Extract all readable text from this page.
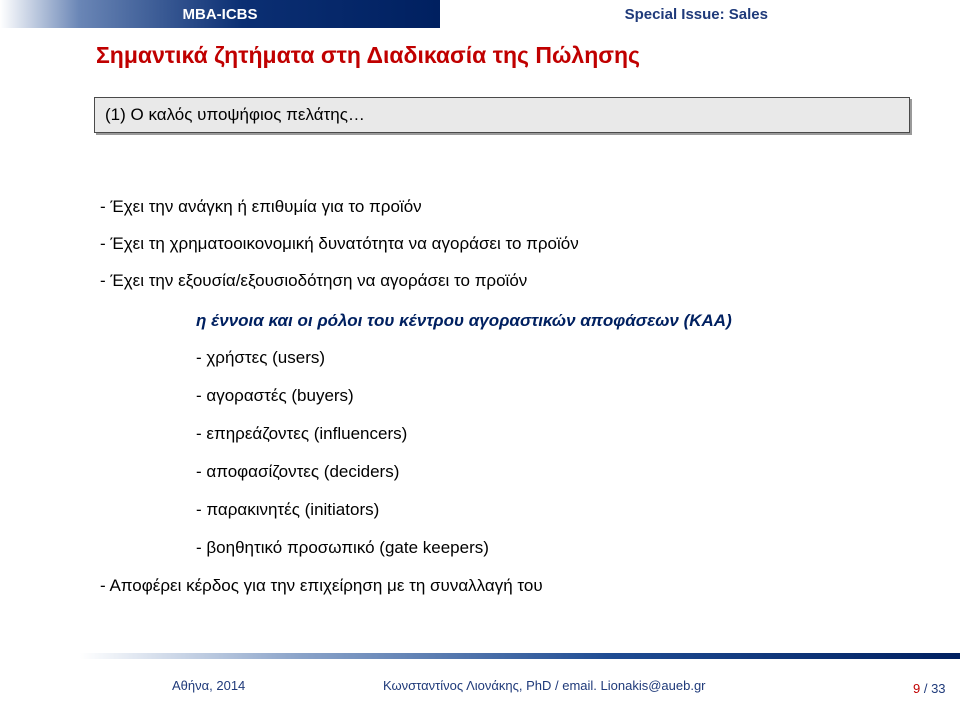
MBA-ICBS	Special Issue: Sales
Σημαντικά ζητήματα στη Διαδικασία της Πώλησης
(1) Ο καλός υποψήφιος πελάτης…
- Έχει την ανάγκη ή επιθυμία για το προϊόν
- Έχει τη χρηματοοικονομική δυνατότητα να αγοράσει το προϊόν
- Έχει την εξουσία/εξουσιοδότηση να αγοράσει το προϊόν
η έννοια και οι ρόλοι του κέντρου αγοραστικών αποφάσεων (ΚΑΑ)
- χρήστες (users)
- αγοραστές (buyers)
- επηρεάζοντες (influencers)
- αποφασίζοντες (deciders)
- παρακινητές (initiators)
- βοηθητικό προσωπικό (gate keepers)
- Αποφέρει κέρδος για την επιχείρηση με τη συναλλαγή του
Αθήνα, 2014	Κωνσταντίνος Λιονάκης, PhD / email. Lionakis@aueb.gr	9 / 33
